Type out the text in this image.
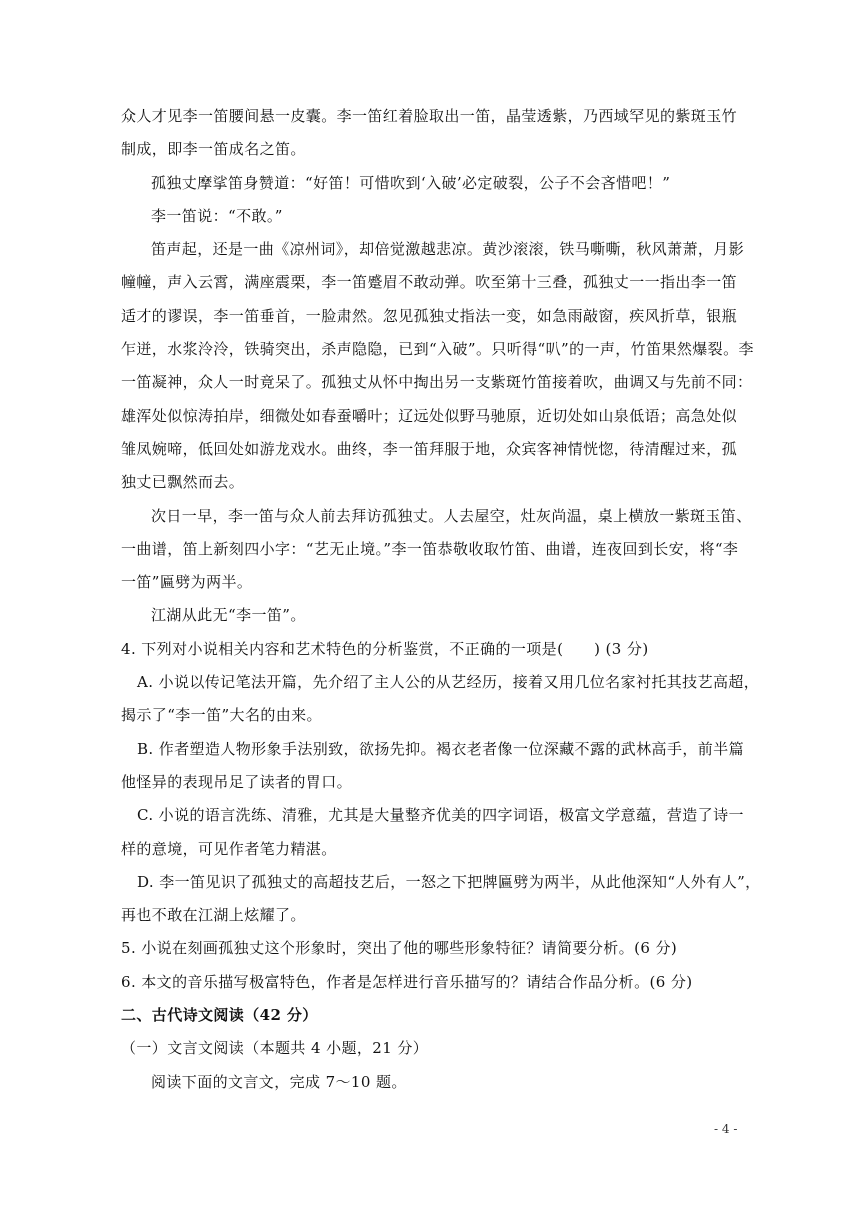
众人才见李一笛腰间悬一皮囊。李一笛红着脸取出一笛，晶莹透紫，乃西域罕见的紫斑玉竹

制成，即李一笛成名之笛。

孤独丈摩挲笛身赞道：“好笛！可惜吹到‘入破’必定破裂，公子不会吝惜吧！”

李一笛说：“不敢。”

笛声起，还是一曲《凉州词》，却倍觉激越悲凉。黄沙滚滚，铁马嘶嘶，秋风萧萧，月影

幢幢，声入云霄，满座震栗，李一笛蹙眉不敢动弹。吹至第十三叠，孤独丈一一指出李一笛

适才的谬误，李一笛垂首，一脸肃然。忽见孤独丈指法一变，如急雨敲窗，疾风折草，银瓶

乍迸，水浆泠泠，铁骑突出，杀声隐隐，已到“入破”。只听得“叭”的一声，竹笛果然爆裂。李

一笛凝神，众人一时竟呆了。孤独丈从怀中掏出另一支紫斑竹笛接着吹，曲调又与先前不同：

雄浑处似惊涛拍岸，细微处如春蚕嚼叶；辽远处似野马驰原，近切处如山泉低语；高急处似

雏凤婉啼，低回处如游龙戏水。曲终，李一笛拜服于地，众宾客神情恍惚，待清醒过来，孤

独丈已飘然而去。

次日一早，李一笛与众人前去拜访孤独丈。人去屋空，灶灰尚温，桌上横放一紫斑玉笛、

一曲谱，笛上新刻四小字：“艺无止境。”李一笛恭敬收取竹笛、曲谱，连夜回到长安，将“李

一笛”匾劈为两半。

江湖从此无“李一笛”。

4. 下列对小说相关内容和艺术特色的分析鉴赏，不正确的一项是(　　) (3 分)

A. 小说以传记笔法开篇，先介绍了主人公的从艺经历，接着又用几位名家衬托其技艺高超，

揭示了“李一笛”大名的由来。

B. 作者塑造人物形象手法别致，欲扬先抑。褐衣老者像一位深藏不露的武林高手，前半篇

他怪异的表现吊足了读者的胃口。

C. 小说的语言洗练、清雅，尤其是大量整齐优美的四字词语，极富文学意蕴，营造了诗一

样的意境，可见作者笔力精湛。

D. 李一笛见识了孤独丈的高超技艺后，一怒之下把牌匾劈为两半，从此他深知“人外有人”，

再也不敢在江湖上炫耀了。

5. 小说在刻画孤独丈这个形象时，突出了他的哪些形象特征？请简要分析。(6 分)

6. 本文的音乐描写极富特色，作者是怎样进行音乐描写的？请结合作品分析。(6 分)

二、古代诗文阅读（42 分）

（一）文言文阅读（本题共 4 小题，21 分）

阅读下面的文言文，完成 7～10 题。

- 4 -
